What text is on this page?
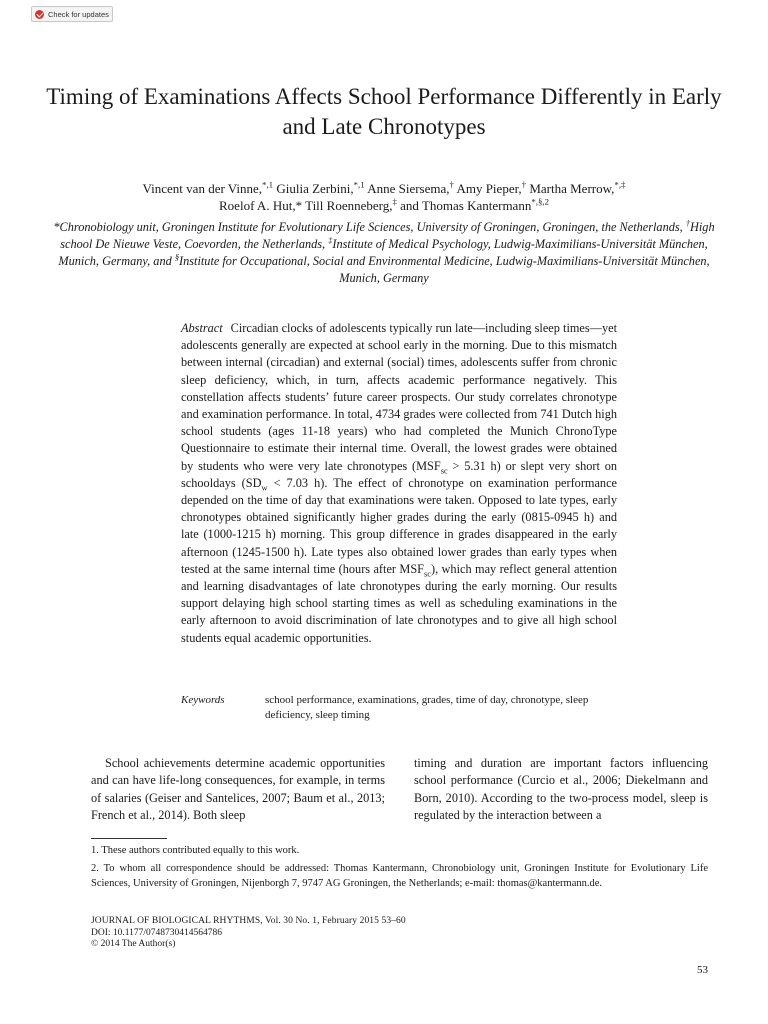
Check for updates
Timing of Examinations Affects School Performance Differently in Early and Late Chronotypes

Vincent van der Vinne,$^{*,1}$ Giulia Zerbini,$^{*,1}$ Anne Siersema,† Amy Pieper,† Martha Merrow,*,‡
Roelof A. Hut,* Till Roenneberg,‡ and Thomas Kantermann$^{*,\S,2}$

*Chronobiology unit, Groningen Institute for Evolutionary Life Sciences, University of Groningen, Groningen, the Netherlands, †High school De Nieuwe Veste, Coevorden, the Netherlands, ‡Institute of Medical Psychology, Ludwig-Maximilians-Universität München, Munich, Germany, and §Institute for Occupational, Social and Environmental Medicine, Ludwig-Maximilians-Universität München, Munich, Germany

Abstract Circadian clocks of adolescents typically run late—including sleep times—yet adolescents generally are expected at school early in the morning. Due to this mismatch between internal (circadian) and external (social) times, adolescents suffer from chronic sleep deficiency, which, in turn, affects academic performance negatively. This constellation affects students’ future career prospects. Our study correlates chronotype and examination performance. In total, 4734 grades were collected from 741 Dutch high school students (ages 11-18 years) who had completed the Munich ChronoType Questionnaire to estimate their internal time. Overall, the lowest grades were obtained by students who were very late chronotypes ($MSF_{sc} > 5.31$ h) or slept very short on schooldays ($SD_w < 7.03$ h). The effect of chronotype on examination performance depended on the time of day that examinations were taken. Opposed to late types, early chronotypes obtained significantly higher grades during the early (0815-0945 h) and late (1000-1215 h) morning. This group difference in grades disappeared in the early afternoon (1245-1500 h). Late types also obtained lower grades than early types when tested at the same internal time (hours after $MSF_{sc}$), which may reflect general attention and learning disadvantages of late chronotypes during the early morning. Our results support delaying high school starting times as well as scheduling examinations in the early afternoon to avoid discrimination of late chronotypes and to give all high school students equal academic opportunities.

Keywords	school performance, examinations, grades, time of day, chronotype, sleep deficiency, sleep timing

School achievements determine academic opportunities and can have life-long consequences, for example, in terms of salaries (Geiser and Santelices, 2007; Baum et al., 2013; French et al., 2014). Both sleep

timing and duration are important factors influencing school performance (Curcio et al., 2006; Diekelmann and Born, 2010). According to the two-process model, sleep is regulated by the interaction between a

1. These authors contributed equally to this work.

2. To whom all correspondence should be addressed: Thomas Kantermann, Chronobiology unit, Groningen Institute for Evolutionary Life Sciences, University of Groningen, Nijenborgh 7, 9747 AG Groningen, the Netherlands; e-mail: thomas@kantermann.de.

JOURNAL OF BIOLOGICAL RHYTHMS, Vol. 30 No. 1, February 2015 53–60
DOI: 10.1177/0748730414564786
© 2014 The Author(s)
53
